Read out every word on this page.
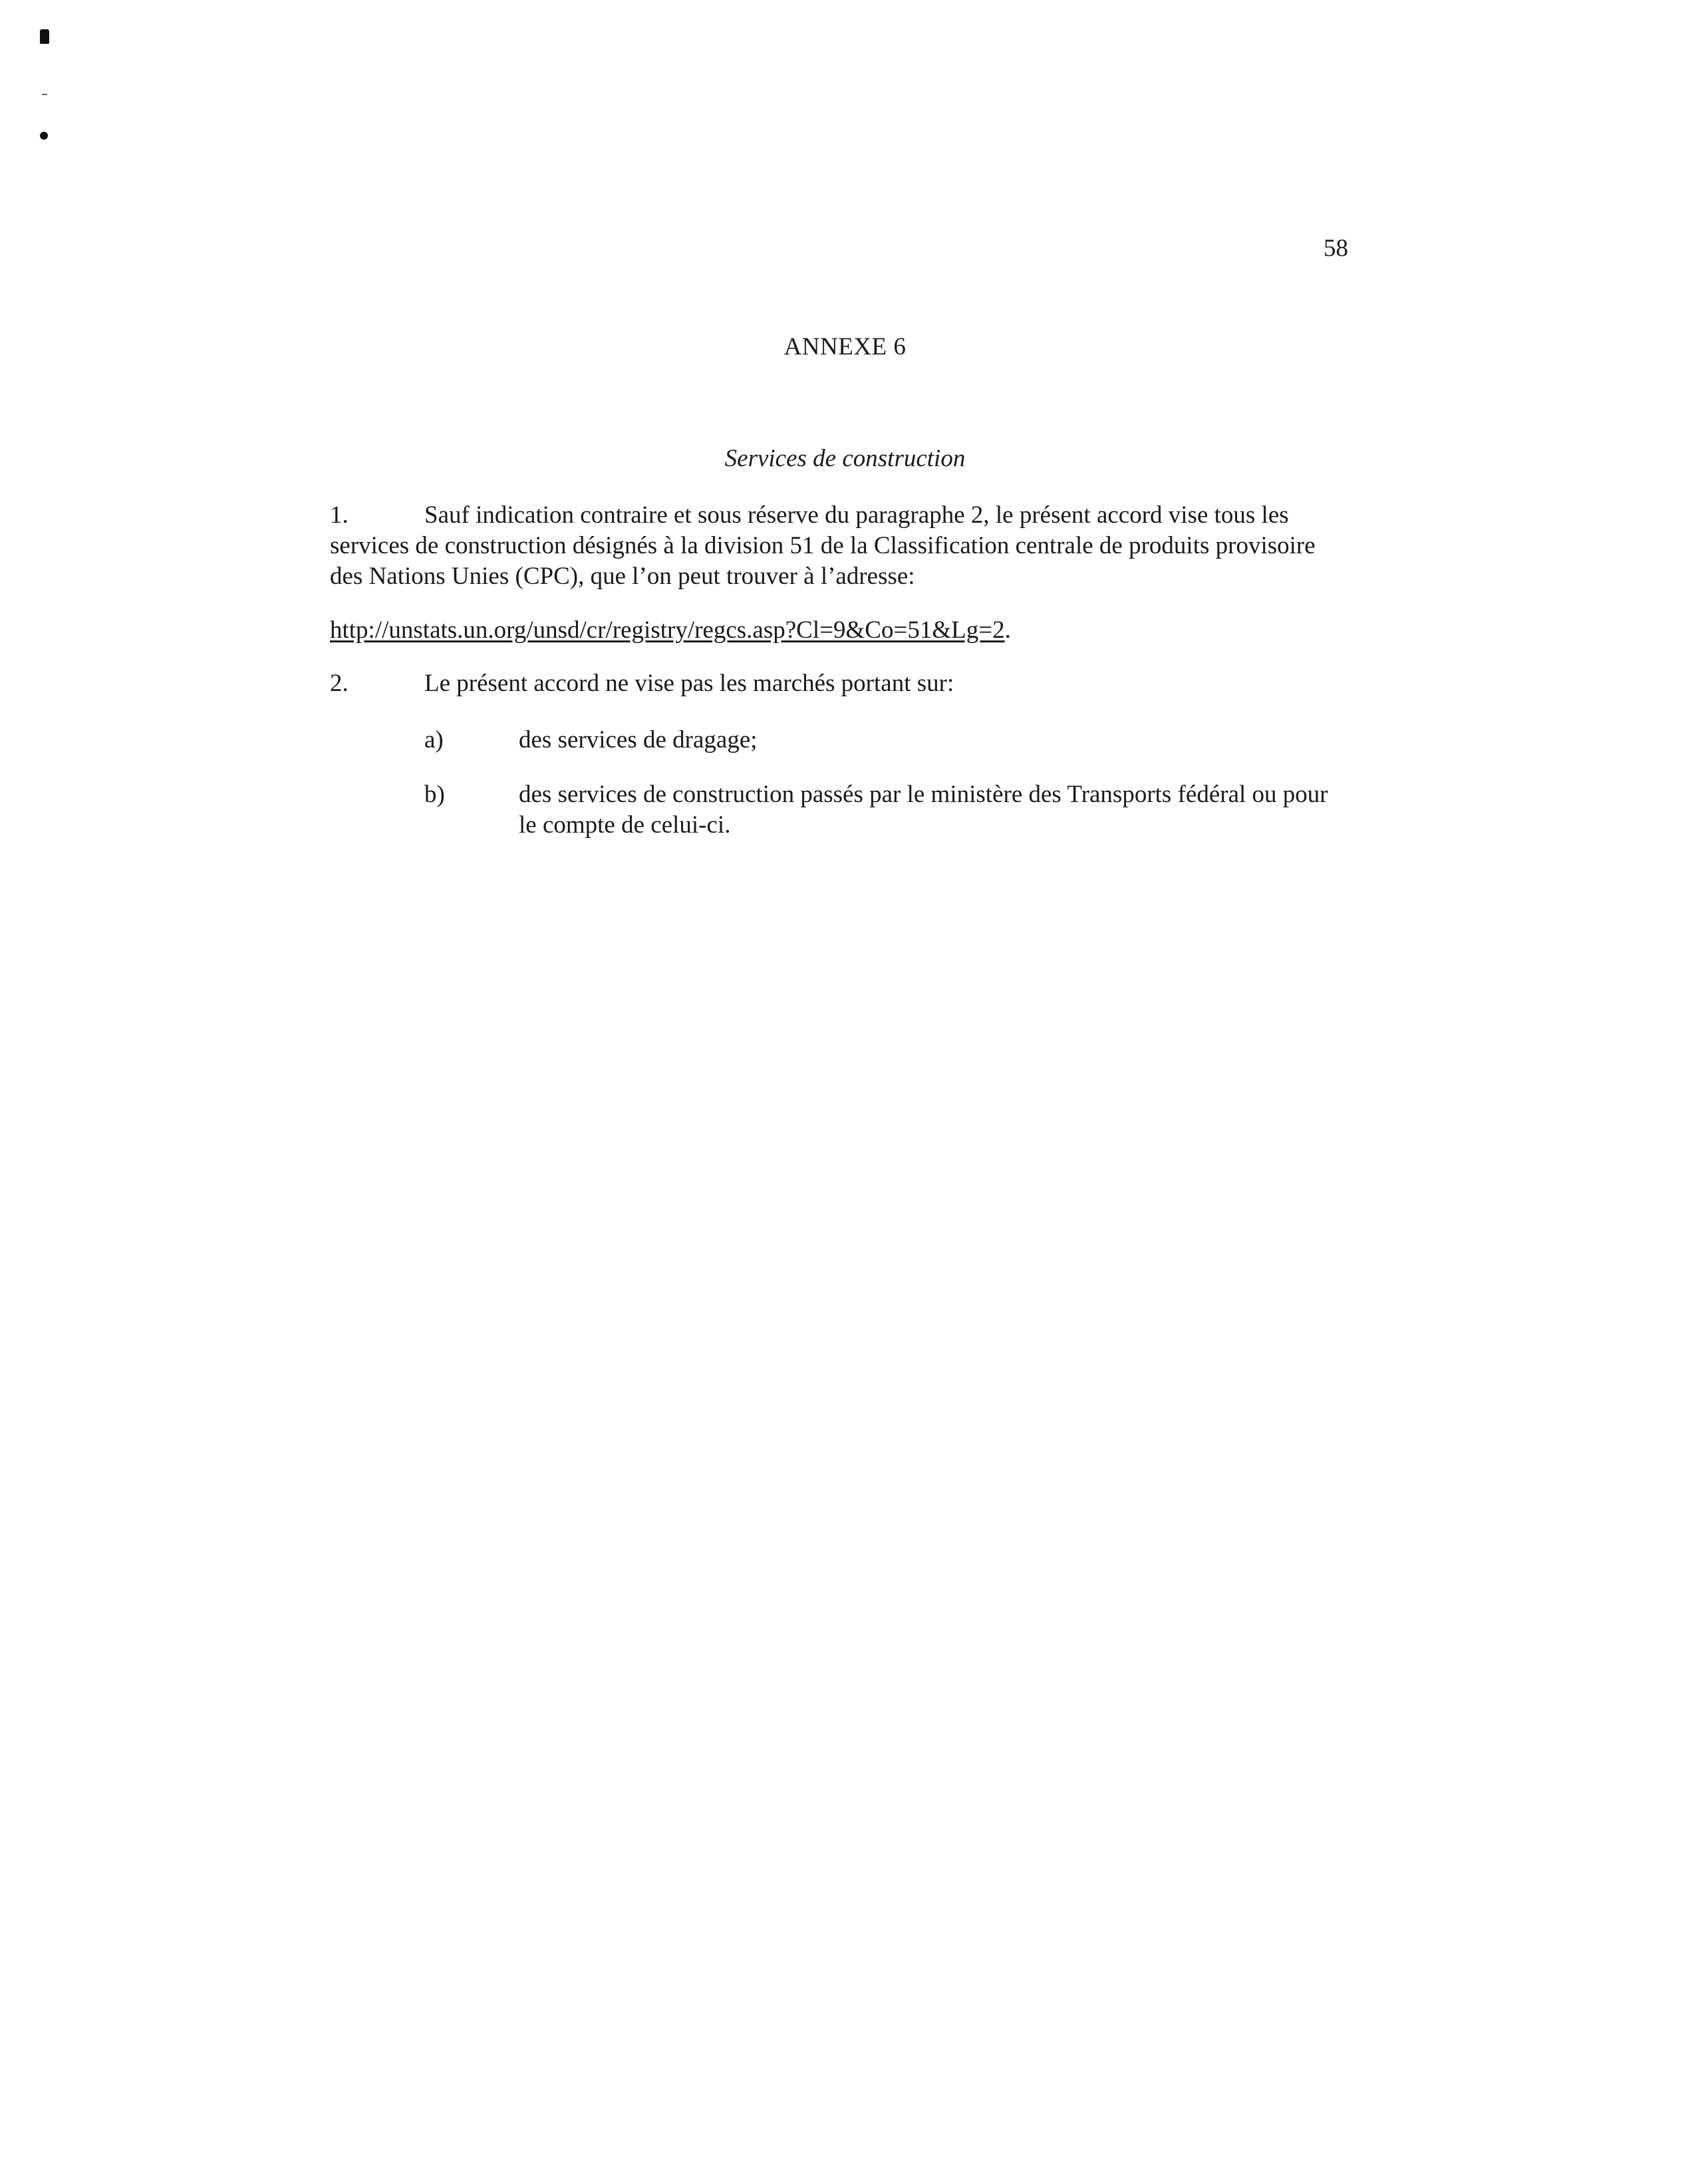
58
ANNEXE 6
Services de construction
1.	Sauf indication contraire et sous réserve du paragraphe 2, le présent accord vise tous les services de construction désignés à la division 51 de la Classification centrale de produits provisoire des Nations Unies (CPC), que l’on peut trouver à l’adresse:
http://unstats.un.org/unsd/cr/registry/regcs.asp?Cl=9&Co=51&Lg=2.
2.	Le présent accord ne vise pas les marchés portant sur:
a)	des services de dragage;
b)	des services de construction passés par le ministère des Transports fédéral ou pour le compte de celui-ci.
